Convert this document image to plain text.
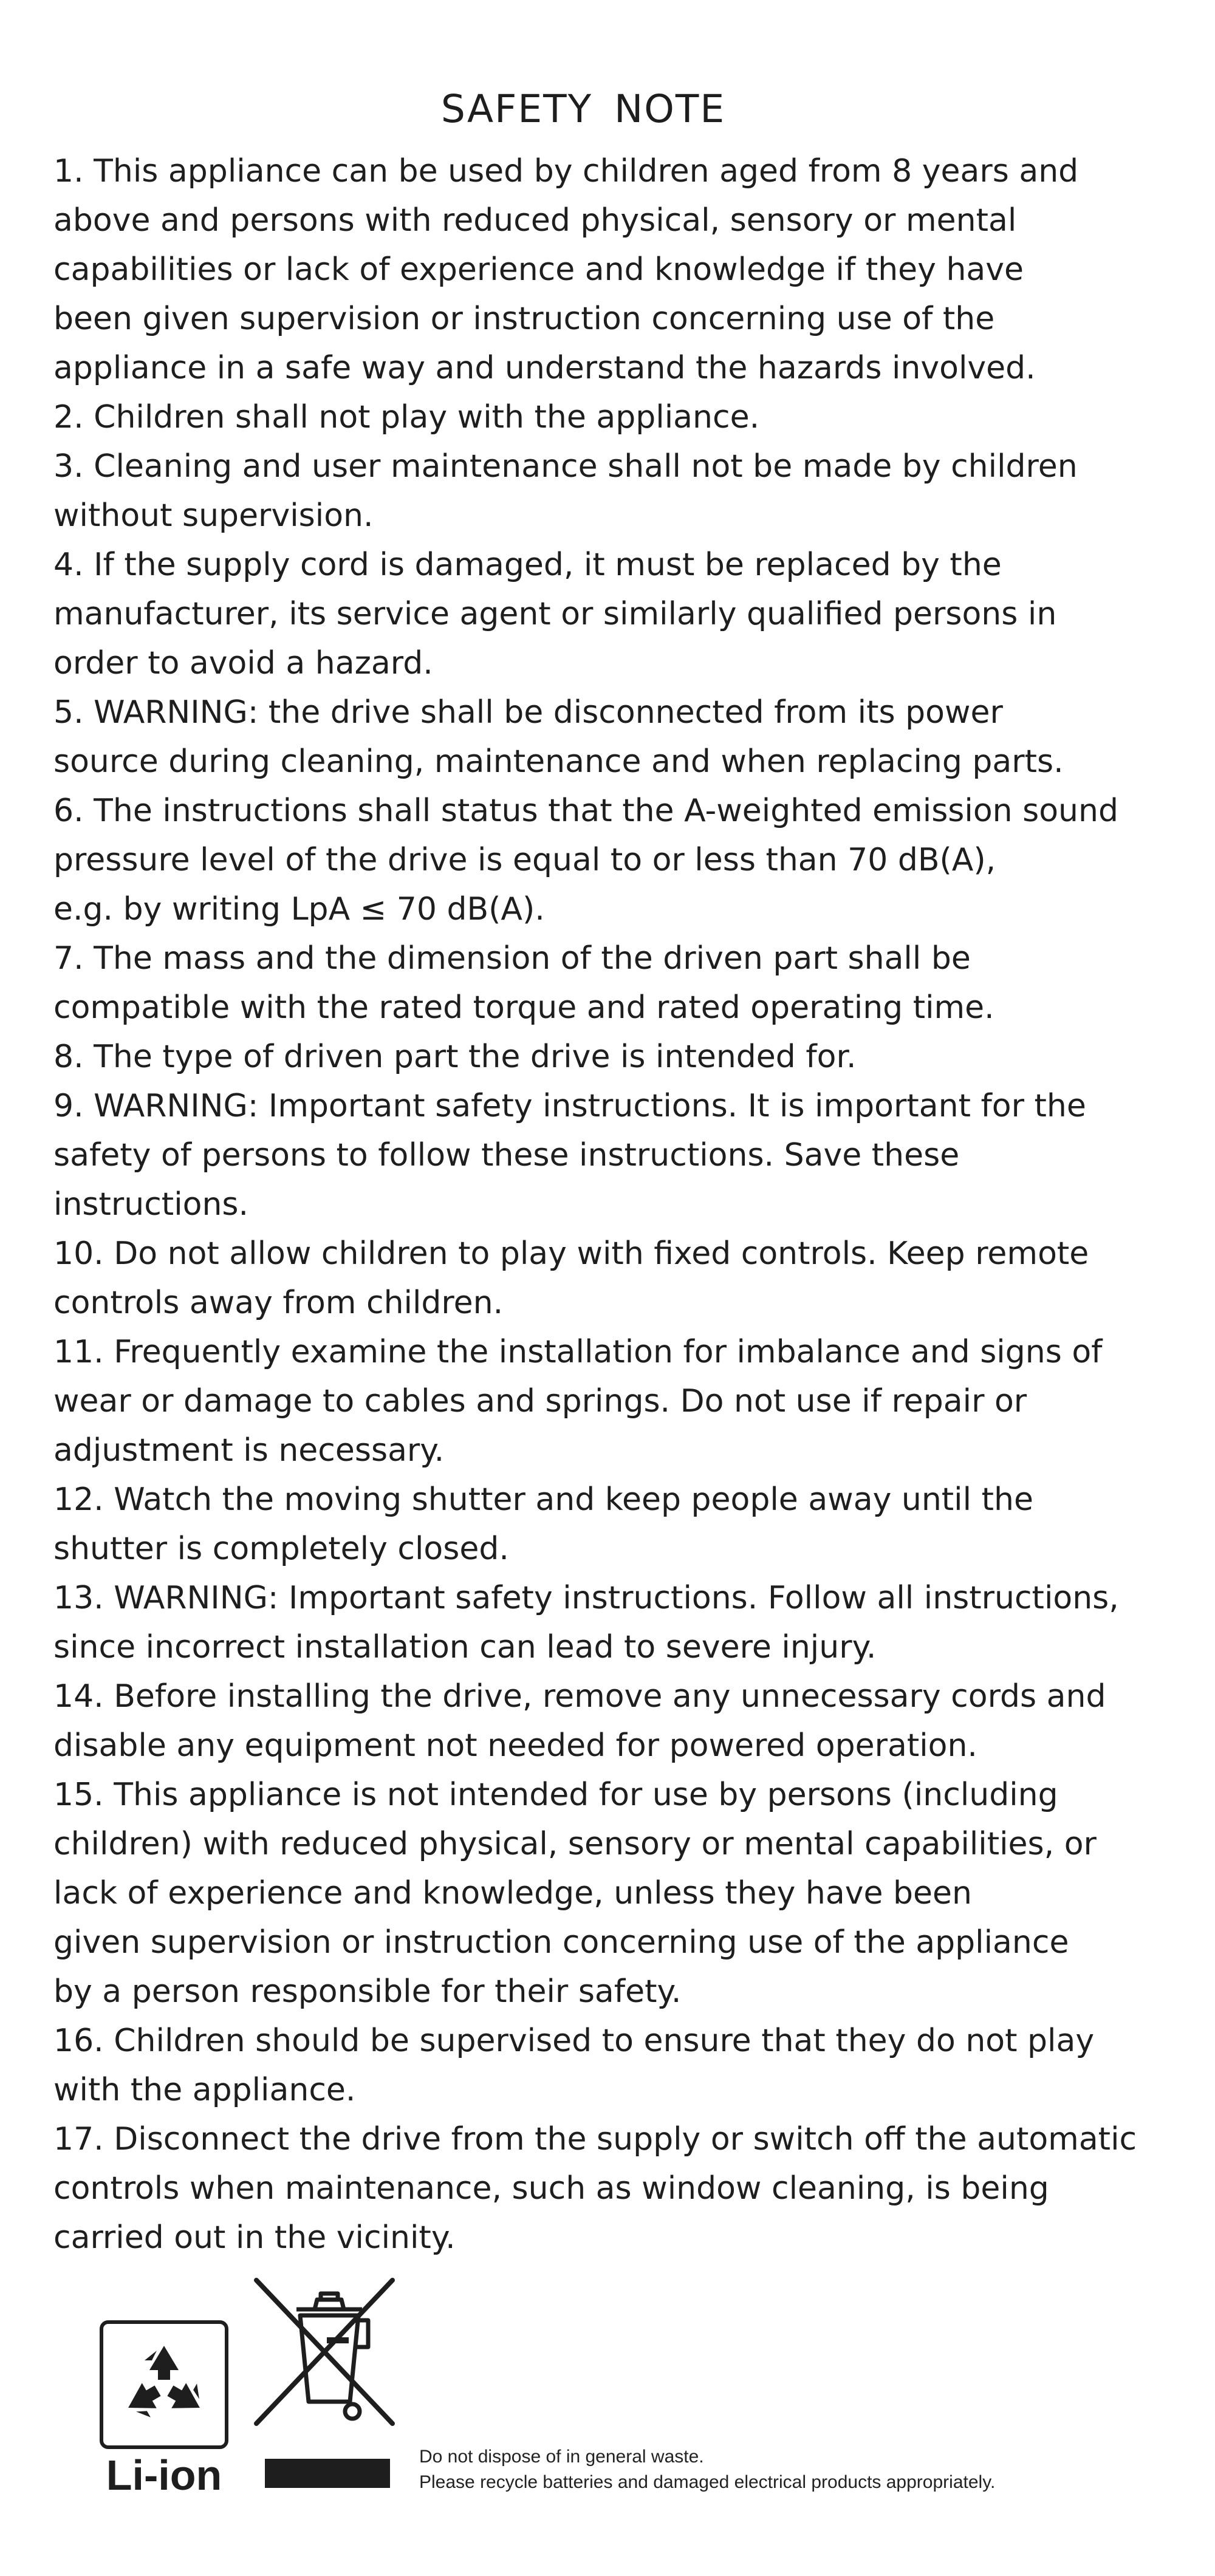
SAFETY NOTE
1. This appliance can be used by children aged from 8 years and
above and persons with reduced physical, sensory or mental
capabilities or lack of experience and knowledge if they have
been given supervision or instruction concerning use of the
appliance in a safe way and understand the hazards involved.
2. Children shall not play with the appliance.
3. Cleaning and user maintenance shall not be made by children
without supervision.
4. If the supply cord is damaged, it must be replaced by the
manufacturer, its service agent or similarly qualified persons in
order to avoid a hazard.
5. WARNING: the drive shall be disconnected from its power
source during cleaning, maintenance and when replacing parts.
6. The instructions shall status that the A-weighted emission sound
pressure level of the drive is equal to or less than 70 dB(A),
e.g. by writing LpA ≤ 70 dB(A).
7. The mass and the dimension of the driven part shall be
compatible with the rated torque and rated operating time.
8. The type of driven part the drive is intended for.
9. WARNING: Important safety instructions. It is important for the
safety of persons to follow these instructions. Save these
instructions.
10. Do not allow children to play with fixed controls. Keep remote
controls away from children.
11. Frequently examine the installation for imbalance and signs of
wear or damage to cables and springs. Do not use if repair or
adjustment is necessary.
12. Watch the moving shutter and keep people away until the
shutter is completely closed.
13. WARNING: Important safety instructions. Follow all instructions,
since incorrect installation can lead to severe injury.
14. Before installing the drive, remove any unnecessary cords and
disable any equipment not needed for powered operation.
15. This appliance is not intended for use by persons (including
children) with reduced physical, sensory or mental capabilities, or
lack of experience and knowledge, unless they have been
given supervision or instruction concerning use of the appliance
by a person responsible for their safety.
16. Children should be supervised to ensure that they do not play
with the appliance.
17. Disconnect the drive from the supply or switch off the automatic
controls when maintenance, such as window cleaning, is being
carried out in the vicinity.
Li-ion	Do not dispose of in general waste.
Please recycle batteries and damaged electrical products appropriately.
